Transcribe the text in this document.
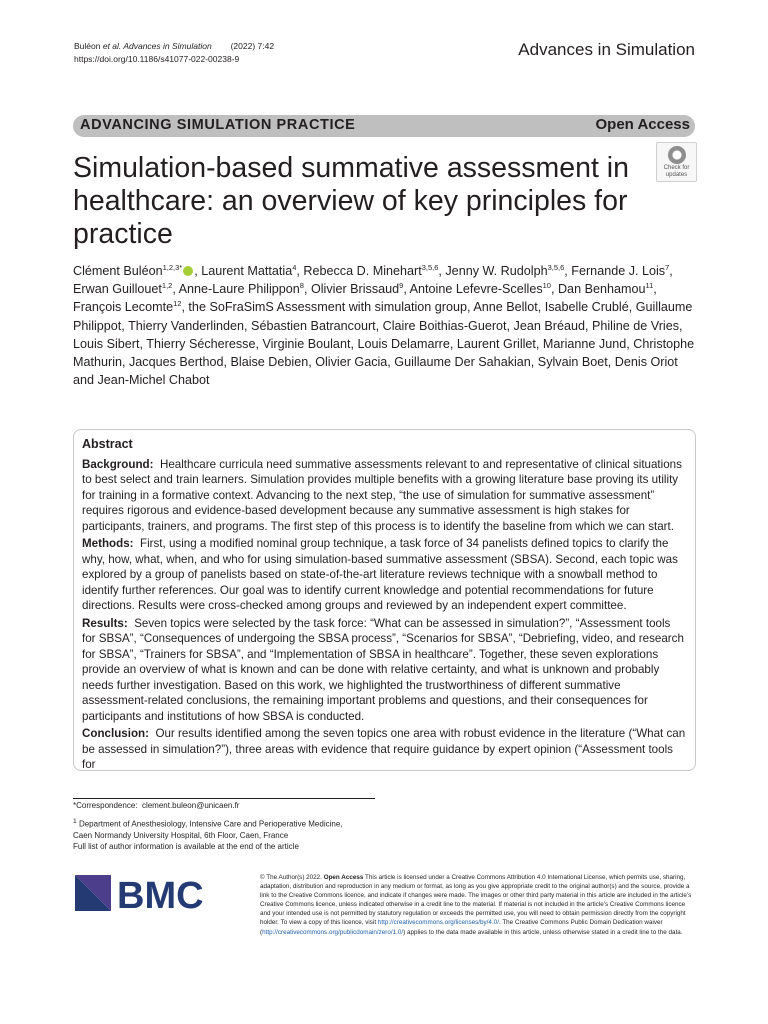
Buléon et al. Advances in Simulation (2022) 7:42
https://doi.org/10.1186/s41077-022-00238-9	Advances in Simulation
ADVANCING SIMULATION PRACTICE	Open Access
Simulation-based summative assessment in healthcare: an overview of key principles for practice
Check for
updates
Clément Buléon$^{1,2,3*}$ , Laurent Mattatia$^4$, Rebecca D. Minehart$^{3,5,6}$, Jenny W. Rudolph$^{3,5,6}$, Fernande J. Lois$^7$, Erwan Guillouet$^{1,2}$, Anne‑Laure Philippon$^8$, Olivier Brissaud$^9$, Antoine Lefevre‑Scelles$^{10}$, Dan Benhamou$^{11}$, François Lecomte$^{12}$, the SoFraSimS Assessment with simulation group, Anne Bellot, Isabelle Crublé, Guillaume Philippot, Thierry Vanderlinden, Sébastien Batrancourt, Claire Boithias‑Guerot, Jean Bréaud, Philine de Vries, Louis Sibert, Thierry Sécheresse, Virginie Boulant, Louis Delamarre, Laurent Grillet, Marianne Jund, Christophe Mathurin, Jacques Berthod, Blaise Debien, Olivier Gacia, Guillaume Der Sahakian, Sylvain Boet, Denis Oriot and Jean‑Michel Chabot
Abstract

Background: Healthcare curricula need summative assessments relevant to and representative of clinical situations to best select and train learners. Simulation provides multiple benefits with a growing literature base proving its utility for training in a formative context. Advancing to the next step, “the use of simulation for summative assessment” requires rigorous and evidence-based development because any summative assessment is high stakes for participants, trainers, and programs. The first step of this process is to identify the baseline from which we can start.

Methods: First, using a modified nominal group technique, a task force of 34 panelists defined topics to clarify the why, how, what, when, and who for using simulation-based summative assessment (SBSA). Second, each topic was explored by a group of panelists based on state-of-the-art literature reviews technique with a snowball method to identify further references. Our goal was to identify current knowledge and potential recommendations for future directions. Results were cross-checked among groups and reviewed by an independent expert committee.

Results: Seven topics were selected by the task force: “What can be assessed in simulation?”, “Assessment tools for SBSA”, “Consequences of undergoing the SBSA process”, “Scenarios for SBSA”, “Debriefing, video, and research for SBSA”, “Trainers for SBSA”, and “Implementation of SBSA in healthcare”. Together, these seven explorations provide an overview of what is known and can be done with relative certainty, and what is unknown and probably needs further investigation. Based on this work, we highlighted the trustworthiness of different summative assessment-related conclusions, the remaining important problems and questions, and their consequences for participants and institutions of how SBSA is conducted.

Conclusion: Our results identified among the seven topics one area with robust evidence in the literature (“What can be assessed in simulation?”), three areas with evidence that require guidance by expert opinion (“Assessment tools for

*Correspondence: clement.buleon@unicaen.fr

$^1$ Department of Anesthesiology, Intensive Care and Perioperative Medicine,

Caen Normandy University Hospital, 6th Floor, Caen, France

Full list of author information is available at the end of the article

BMC	© The Author(s) 2022. Open Access This article is licensed under a Creative Commons Attribution 4.0 International License, which permits use, sharing, adaptation, distribution and reproduction in any medium or format, as long as you give appropriate credit to the original author(s) and the source, provide a link to the Creative Commons licence, and indicate if changes were made. The images or other third party material in this article are included in the article’s Creative Commons licence, unless indicated otherwise in a credit line to the material. If material is not included in the article’s Creative Commons licence and your intended use is not permitted by statutory regulation or exceeds the permitted use, you will need to obtain permission directly from the copyright holder. To view a copy of this licence, visit http://creativecommons.org/licenses/by/4.0/. The Creative Commons Public Domain Dedication waiver (http://creativecommons.org/publicdomain/zero/1.0/) applies to the data made available in this article, unless otherwise stated in a credit line to the data.
